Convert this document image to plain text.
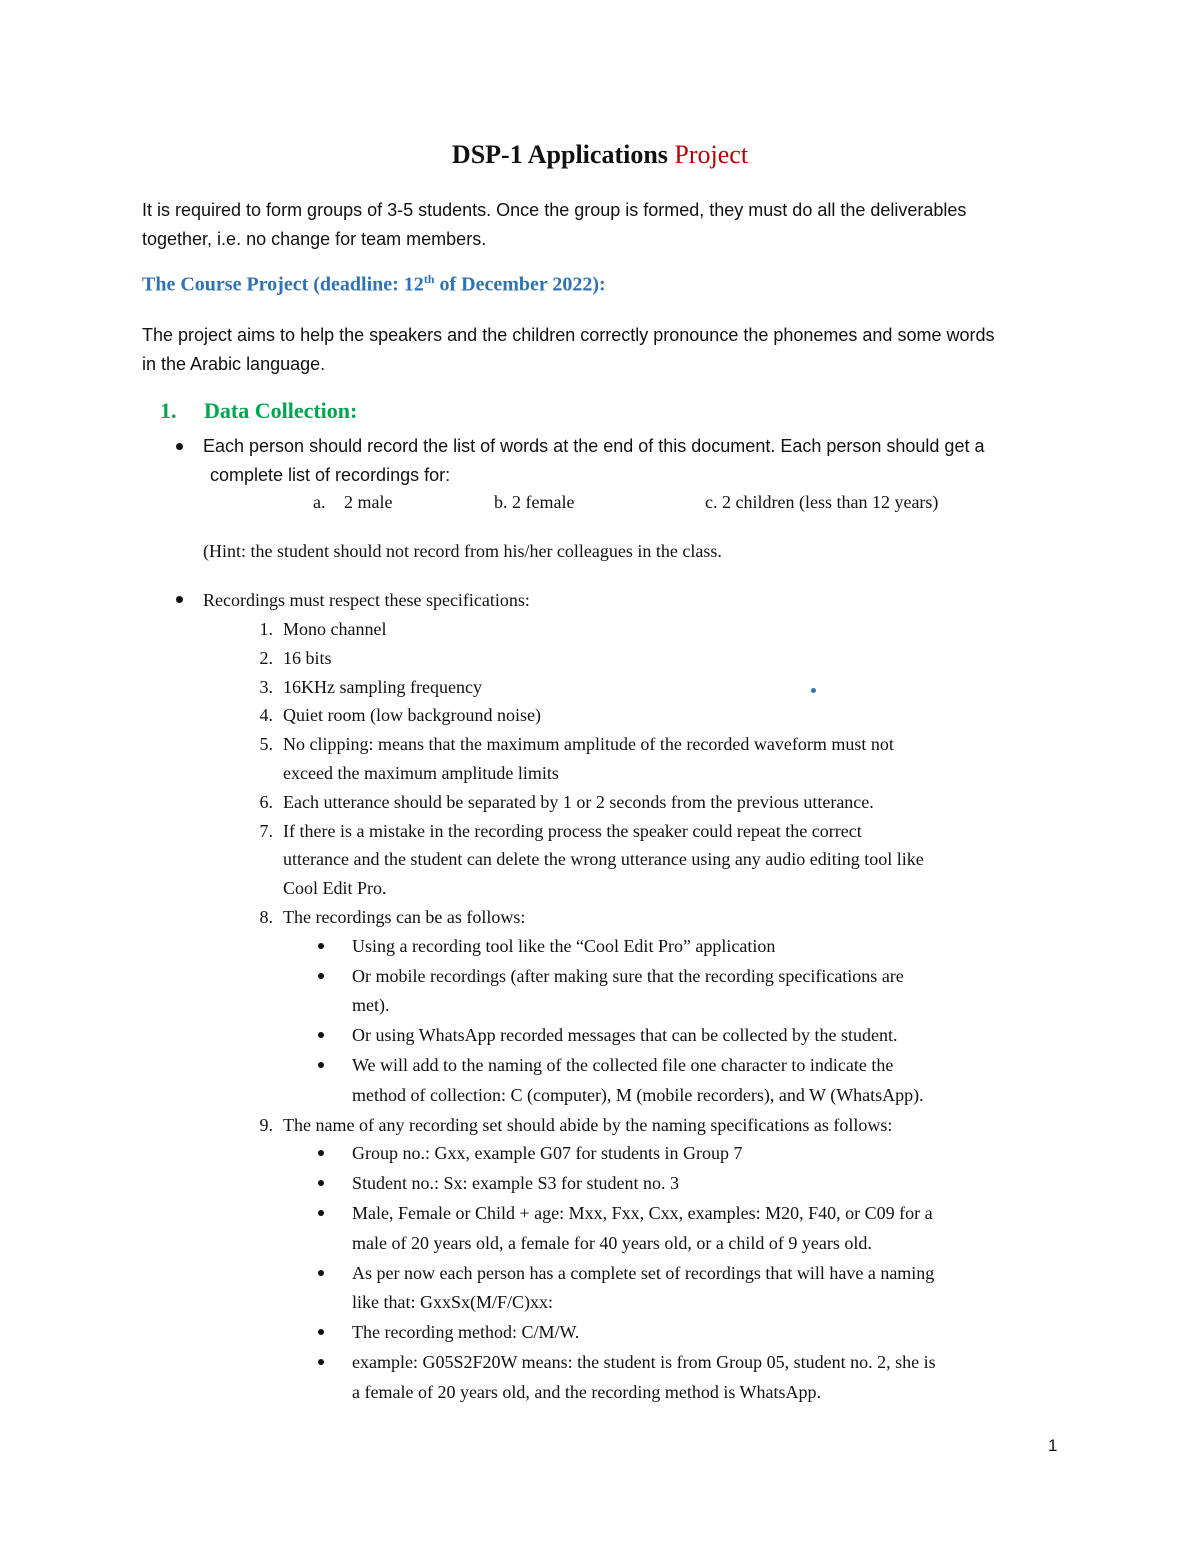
DSP-1 Applications Project
It is required to form groups of 3-5 students. Once the group is formed, they must do all the deliverables
together, i.e. no change for team members.
The Course Project (deadline: 12th of December 2022):
The project aims to help the speakers and the children correctly pronounce the phonemes and some words
in the Arabic language.
1. Data Collection:
Each person should record the list of words at the end of this document. Each person should get a
complete list of recordings for:
a. 2 male	b. 2 female	c. 2 children (less than 12 years)
(Hint: the student should not record from his/her colleagues in the class.
Recordings must respect these specifications:
1. Mono channel
2. 16 bits
3. 16KHz sampling frequency
4. Quiet room (low background noise)
5. No clipping: means that the maximum amplitude of the recorded waveform must not
exceed the maximum amplitude limits
6. Each utterance should be separated by 1 or 2 seconds from the previous utterance.
7. If there is a mistake in the recording process the speaker could repeat the correct
utterance and the student can delete the wrong utterance using any audio editing tool like
Cool Edit Pro.
8. The recordings can be as follows:
Using a recording tool like the “Cool Edit Pro” application
Or mobile recordings (after making sure that the recording specifications are
met).
Or using WhatsApp recorded messages that can be collected by the student.
We will add to the naming of the collected file one character to indicate the
method of collection: C (computer), M (mobile recorders), and W (WhatsApp).
9. The name of any recording set should abide by the naming specifications as follows:
Group no.: Gxx, example G07 for students in Group 7
Student no.: Sx: example S3 for student no. 3
Male, Female or Child + age: Mxx, Fxx, Cxx, examples: M20, F40, or C09 for a
male of 20 years old, a female for 40 years old, or a child of 9 years old.
As per now each person has a complete set of recordings that will have a naming
like that: GxxSx(M/F/C)xx:
The recording method: C/M/W.
example: G05S2F20W means: the student is from Group 05, student no. 2, she is
a female of 20 years old, and the recording method is WhatsApp.
1
